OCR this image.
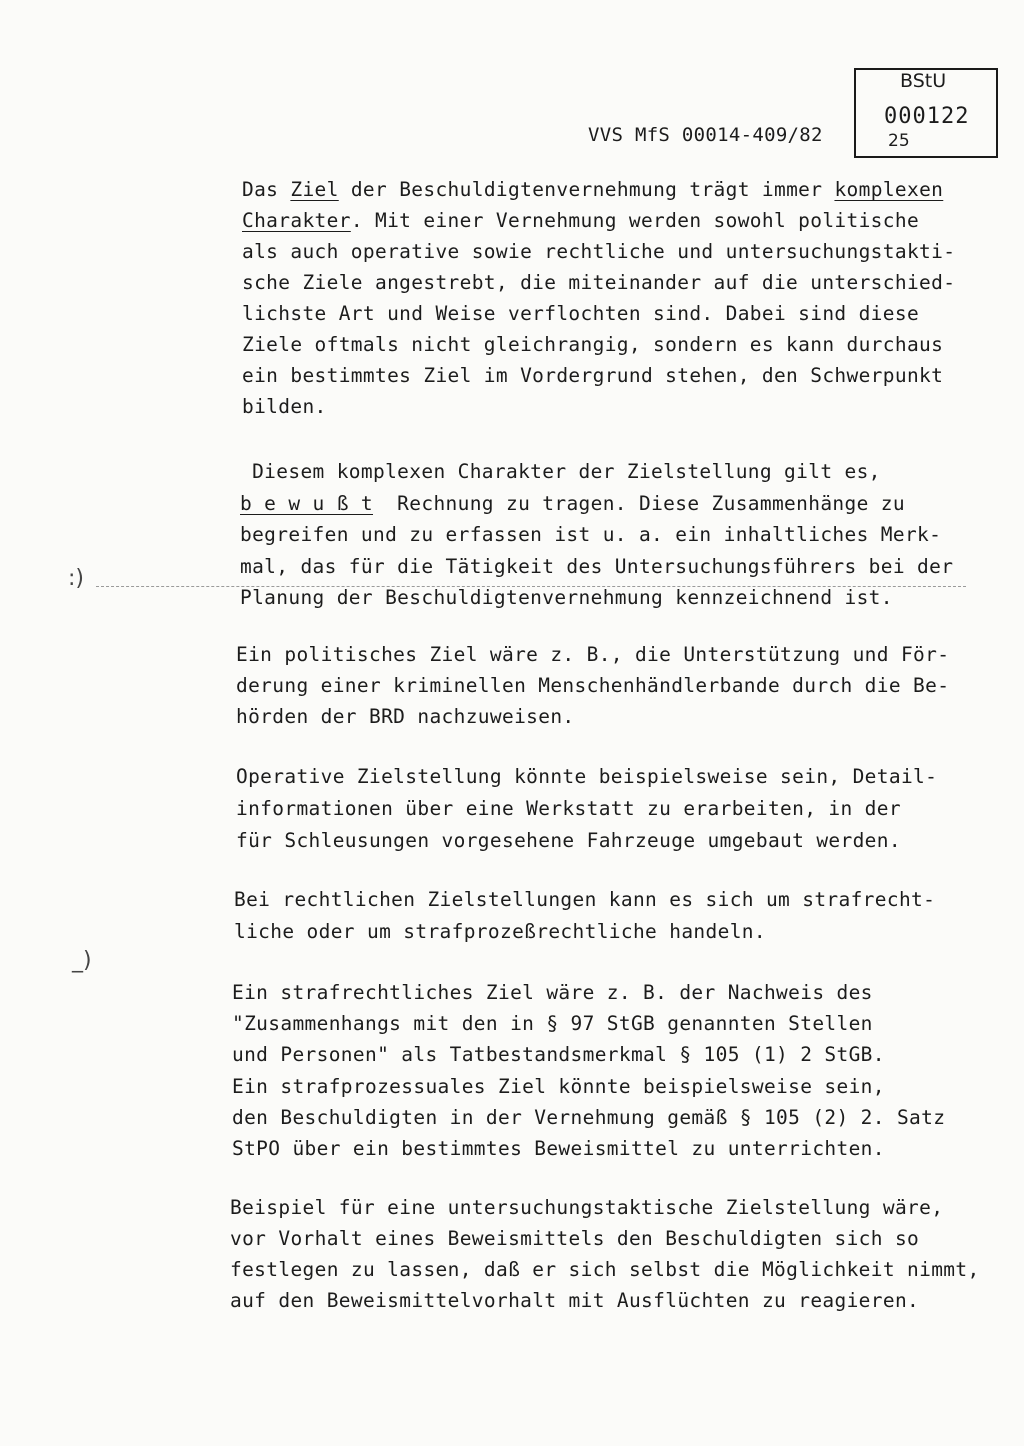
BStU
000122
25
VVS MfS 00014-409/82
:)
_)
Das Ziel der Beschuldigtenvernehmung trägt immer komplexen
Charakter. Mit einer Vernehmung werden sowohl politische
als auch operative sowie rechtliche und untersuchungstakti-
sche Ziele angestrebt, die miteinander auf die unterschied-
lichste Art und Weise verflochten sind. Dabei sind diese
Ziele oftmals nicht gleichrangig, sondern es kann durchaus
ein bestimmtes Ziel im Vordergrund stehen, den Schwerpunkt
bilden.
Diesem komplexen Charakter der Zielstellung gilt es,
b e w u ß t  Rechnung zu tragen. Diese Zusammenhänge zu
begreifen und zu erfassen ist u. a. ein inhaltliches Merk-
mal, das für die Tätigkeit des Untersuchungsführers bei der
Planung der Beschuldigtenvernehmung kennzeichnend ist.
Ein politisches Ziel wäre z. B., die Unterstützung und För-
derung einer kriminellen Menschenhändlerbande durch die Be-
hörden der BRD nachzuweisen.
Operative Zielstellung könnte beispielsweise sein, Detail-
informationen über eine Werkstatt zu erarbeiten, in der
für Schleusungen vorgesehene Fahrzeuge umgebaut werden.
Bei rechtlichen Zielstellungen kann es sich um strafrecht-
liche oder um strafprozeßrechtliche handeln.
Ein strafrechtliches Ziel wäre z. B. der Nachweis des
"Zusammenhangs mit den in § 97 StGB genannten Stellen
und Personen" als Tatbestandsmerkmal § 105 (1) 2 StGB.
Ein strafprozessuales Ziel könnte beispielsweise sein,
den Beschuldigten in der Vernehmung gemäß § 105 (2) 2. Satz
StPO über ein bestimmtes Beweismittel zu unterrichten.
Beispiel für eine untersuchungstaktische Zielstellung wäre,
vor Vorhalt eines Beweismittels den Beschuldigten sich so
festlegen zu lassen, daß er sich selbst die Möglichkeit nimmt,
auf den Beweismittelvorhalt mit Ausflüchten zu reagieren.
